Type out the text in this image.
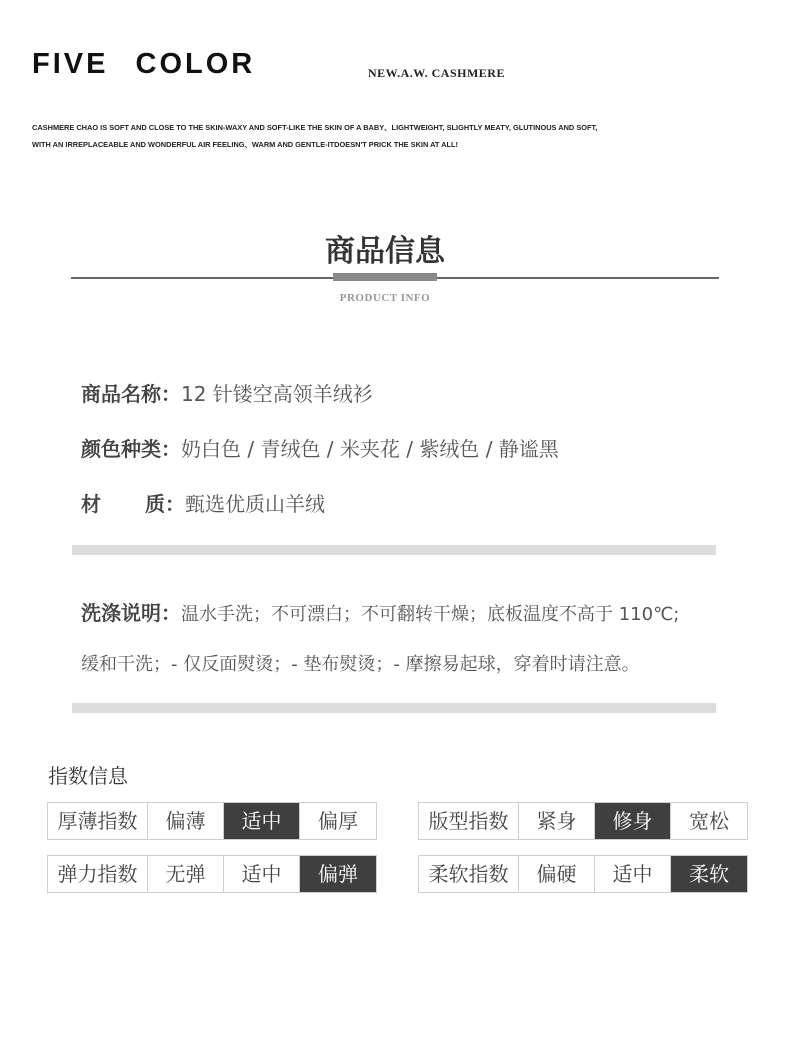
FIVE COLOR	NEW.A.W. CASHMERE
CASHMERE CHAO IS SOFT AND CLOSE TO THE SKIN-WAXY AND SOFT-LIKE THE SKIN OF A BABY、LIGHTWEIGHT, SLIGHTLY MEATY, GLUTINOUS AND SOFT,
WITH AN IRREPLACEABLE AND WONDERFUL AIR FEELING、WARM AND GENTLE-ITDOESN'T PRICK THE SKIN AT ALL!
商品信息
PRODUCT INFO
商品名称：12 针镂空高领羊绒衫
颜色种类：奶白色 / 青绒色 / 米夹花 / 紫绒色 / 静谧黑
材 质：甄选优质山羊绒
洗涤说明：温水手洗；不可漂白；不可翻转干燥；底板温度不高于 110℃;
缓和干洗；- 仅反面熨烫；- 垫布熨烫；- 摩擦易起球，穿着时请注意。
指数信息
厚薄指数	偏薄	适中	偏厚	版型指数	紧身	修身	宽松
弹力指数	无弹	适中	偏弹	柔软指数	偏硬	适中	柔软
